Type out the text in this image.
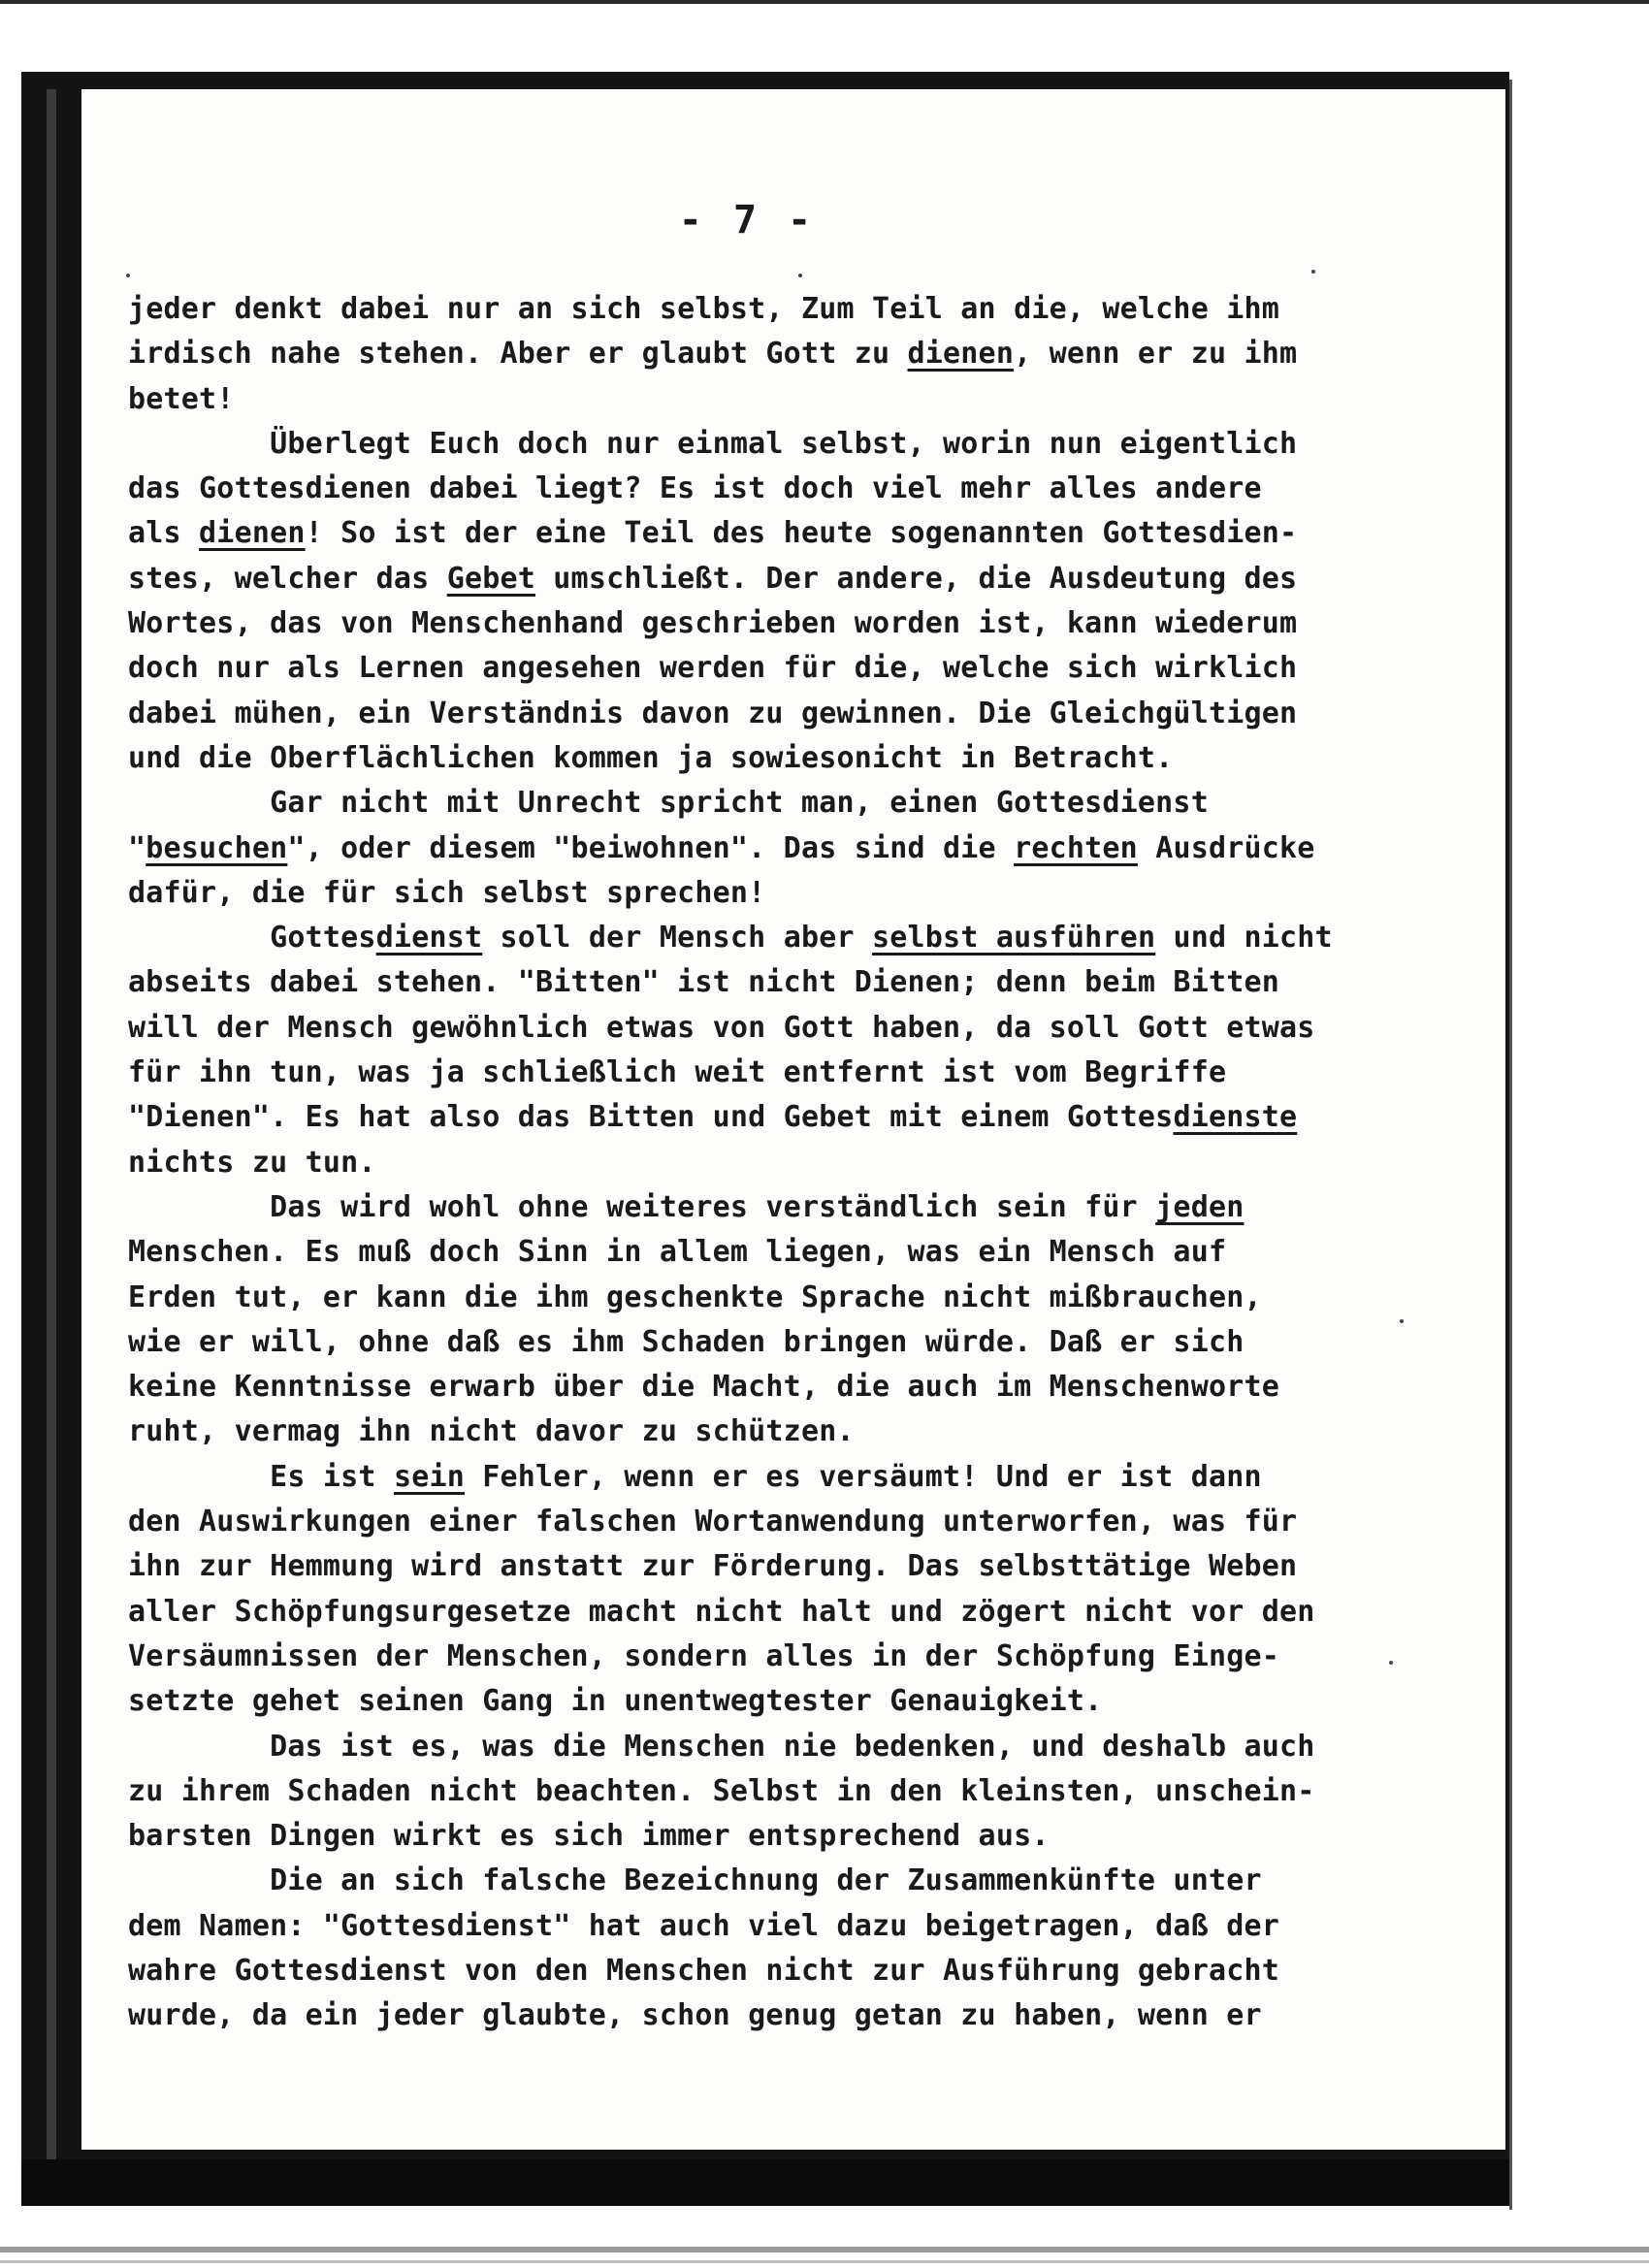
- 7 -
jeder denkt dabei nur an sich selbst, Zum Teil an die, welche ihm
irdisch nahe stehen. Aber er glaubt Gott zu dienen, wenn er zu ihm
betet!
Überlegt Euch doch nur einmal selbst, worin nun eigentlich
das Gottesdienen dabei liegt? Es ist doch viel mehr alles andere
als dienen! So ist der eine Teil des heute sogenannten Gottesdien-
stes, welcher das Gebet umschließt. Der andere, die Ausdeutung des
Wortes, das von Menschenhand geschrieben worden ist, kann wiederum
doch nur als Lernen angesehen werden für die, welche sich wirklich
dabei mühen, ein Verständnis davon zu gewinnen. Die Gleichgültigen
und die Oberflächlichen kommen ja sowiesonicht in Betracht.
Gar nicht mit Unrecht spricht man, einen Gottesdienst
"besuchen", oder diesem "beiwohnen". Das sind die rechten Ausdrücke
dafür, die für sich selbst sprechen!
Gottesdienst soll der Mensch aber selbst ausführen und nicht
abseits dabei stehen. "Bitten" ist nicht Dienen; denn beim Bitten
will der Mensch gewöhnlich etwas von Gott haben, da soll Gott etwas
für ihn tun, was ja schließlich weit entfernt ist vom Begriffe
"Dienen". Es hat also das Bitten und Gebet mit einem Gottesdienste
nichts zu tun.
Das wird wohl ohne weiteres verständlich sein für jeden
Menschen. Es muß doch Sinn in allem liegen, was ein Mensch auf
Erden tut, er kann die ihm geschenkte Sprache nicht mißbrauchen,
wie er will, ohne daß es ihm Schaden bringen würde. Daß er sich
keine Kenntnisse erwarb über die Macht, die auch im Menschenworte
ruht, vermag ihn nicht davor zu schützen.
Es ist sein Fehler, wenn er es versäumt! Und er ist dann
den Auswirkungen einer falschen Wortanwendung unterworfen, was für
ihn zur Hemmung wird anstatt zur Förderung. Das selbsttätige Weben
aller Schöpfungsurgesetze macht nicht halt und zögert nicht vor den
Versäumnissen der Menschen, sondern alles in der Schöpfung Einge-
setzte gehet seinen Gang in unentwegtester Genauigkeit.
Das ist es, was die Menschen nie bedenken, und deshalb auch
zu ihrem Schaden nicht beachten. Selbst in den kleinsten, unschein-
barsten Dingen wirkt es sich immer entsprechend aus.
Die an sich falsche Bezeichnung der Zusammenkünfte unter
dem Namen: "Gottesdienst" hat auch viel dazu beigetragen, daß der
wahre Gottesdienst von den Menschen nicht zur Ausführung gebracht
wurde, da ein jeder glaubte, schon genug getan zu haben, wenn er
